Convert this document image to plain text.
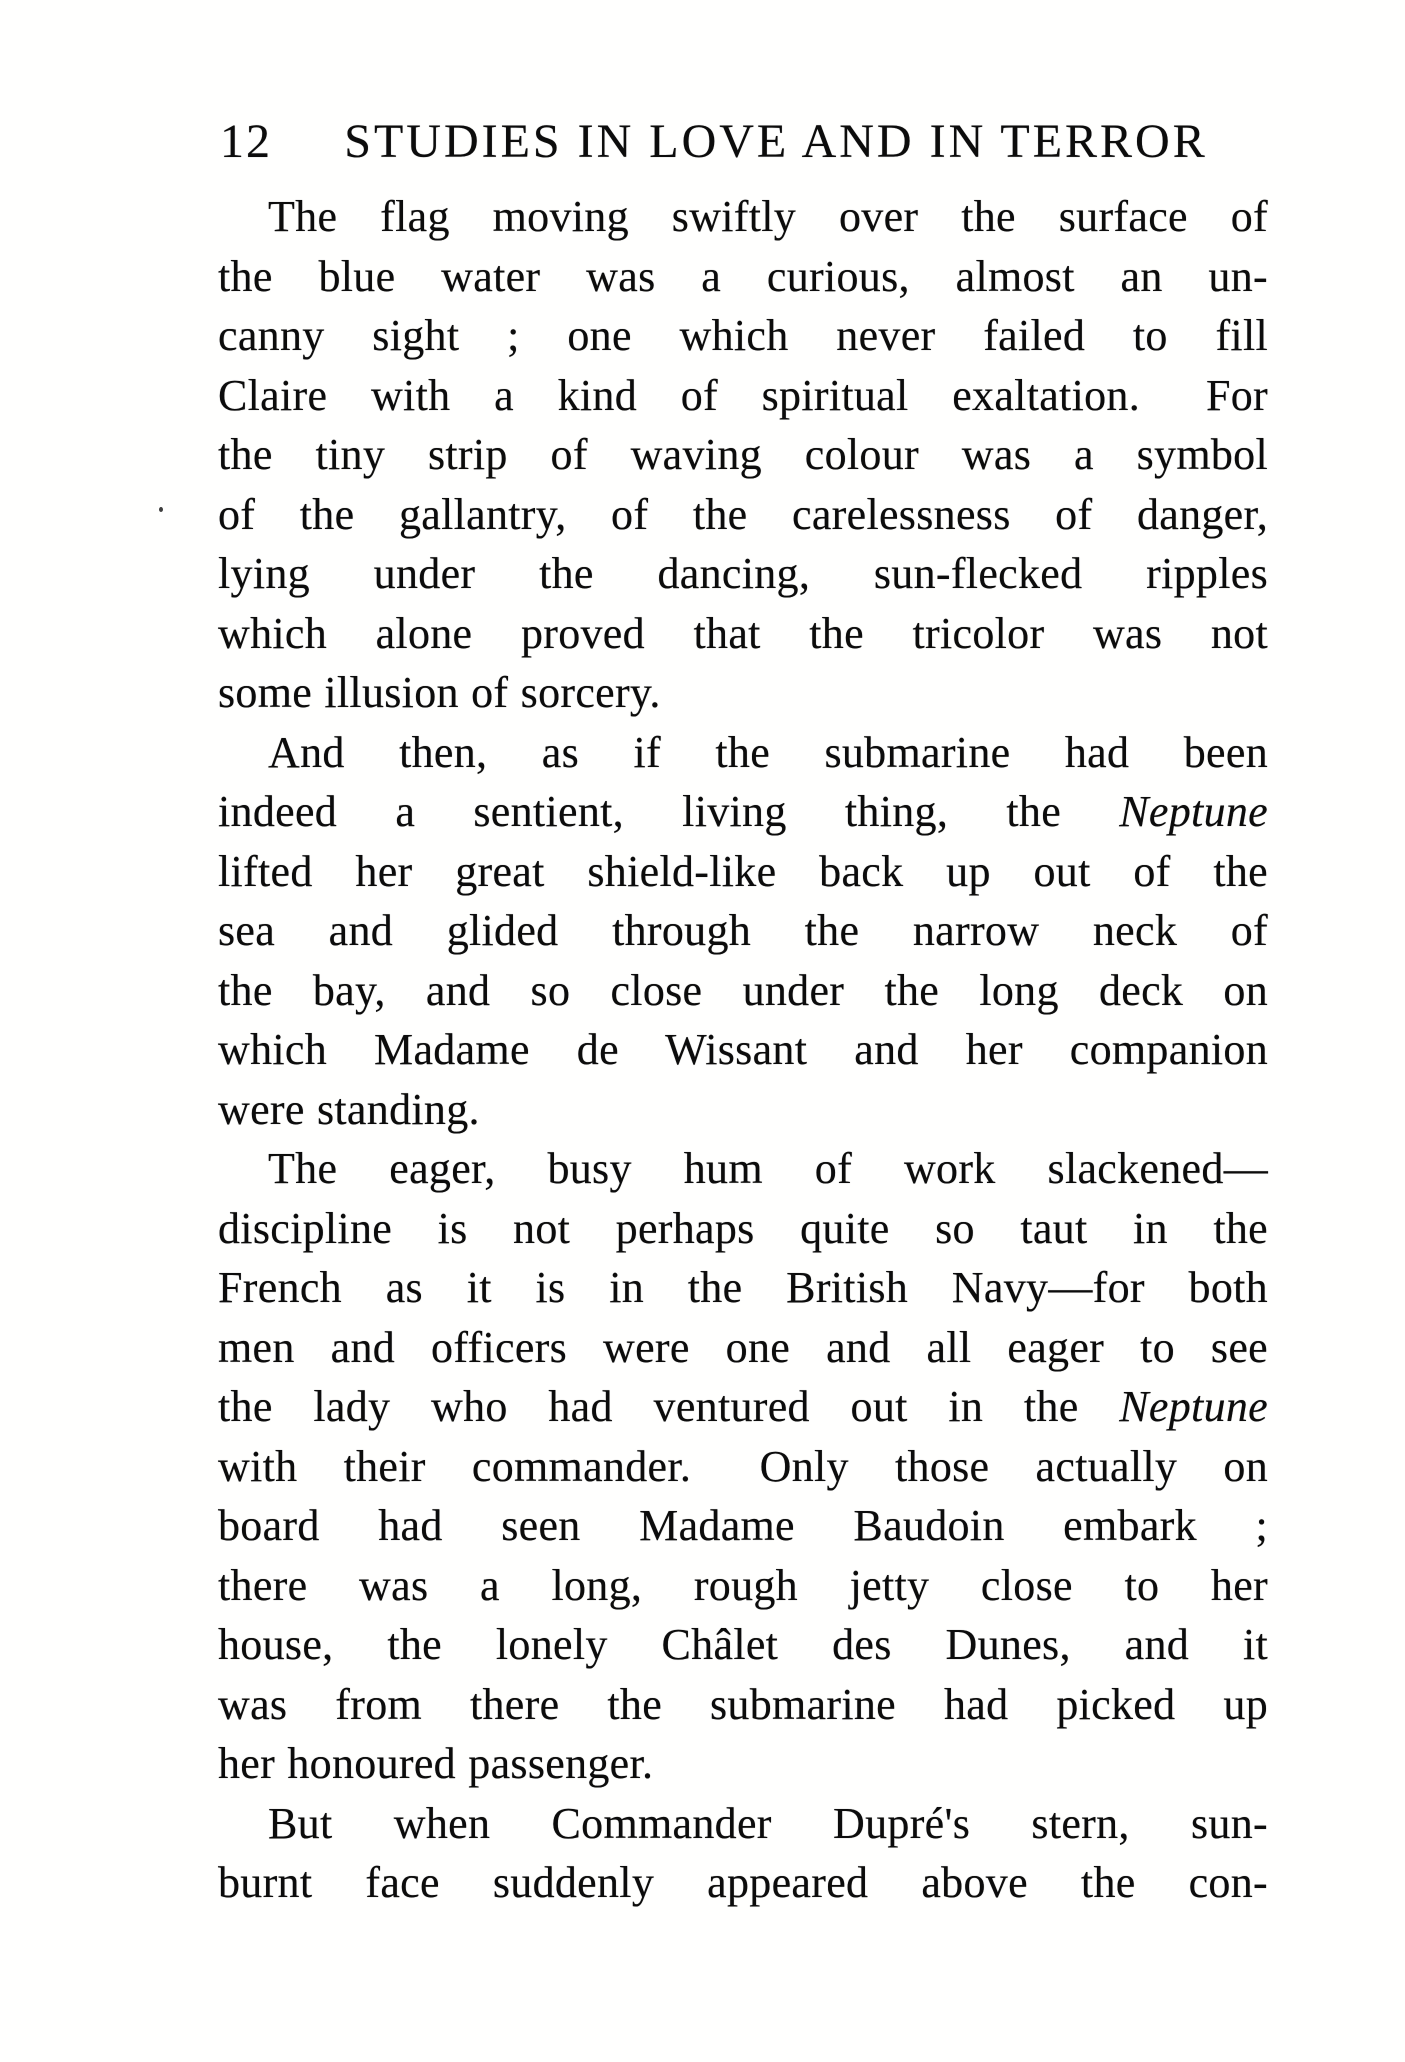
12	STUDIES IN LOVE AND IN TERROR
The flag moving swiftly over the surface of
the blue water was a curious, almost an un-
canny sight ; one which never failed to fill
Claire with a kind of spiritual exaltation.  For
the tiny strip of waving colour was a symbol
of the gallantry, of the carelessness of danger,
lying under the dancing, sun-flecked ripples
which alone proved that the tricolor was not
some illusion of sorcery.
And then, as if the submarine had been
indeed a sentient, living thing, the Neptune
lifted her great shield-like back up out of the
sea and glided through the narrow neck of
the bay, and so close under the long deck on
which Madame de Wissant and her companion
were standing.
The eager, busy hum of work slackened—
discipline is not perhaps quite so taut in the
French as it is in the British Navy—for both
men and officers were one and all eager to see
the lady who had ventured out in the Neptune
with their commander.  Only those actually on
board had seen Madame Baudoin embark ;
there was a long, rough jetty close to her
house, the lonely Châlet des Dunes, and it
was from there the submarine had picked up
her honoured passenger.
But when Commander Dupré's stern, sun-
burnt face suddenly appeared above the con-
